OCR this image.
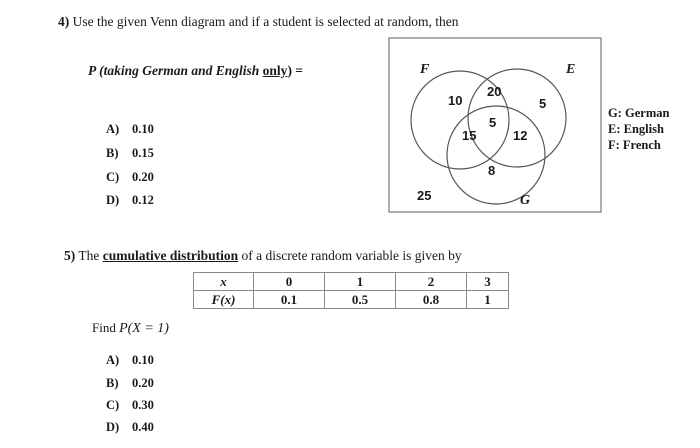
4) Use the given Venn diagram and if a student is selected at random, then
P (taking German and English only) =
A) 0.10
B) 0.15
C) 0.20
D) 0.12
F	E
G
10
20
5
5
15	12
8
25
G: German
E: English
F: French
5) The cumulative distribution of a discrete random variable is given by
x	0	1	2	3
F(x)	0.1	0.5	0.8	1
Find P(X = 1)
A) 0.10
B) 0.20
C) 0.30
D) 0.40
